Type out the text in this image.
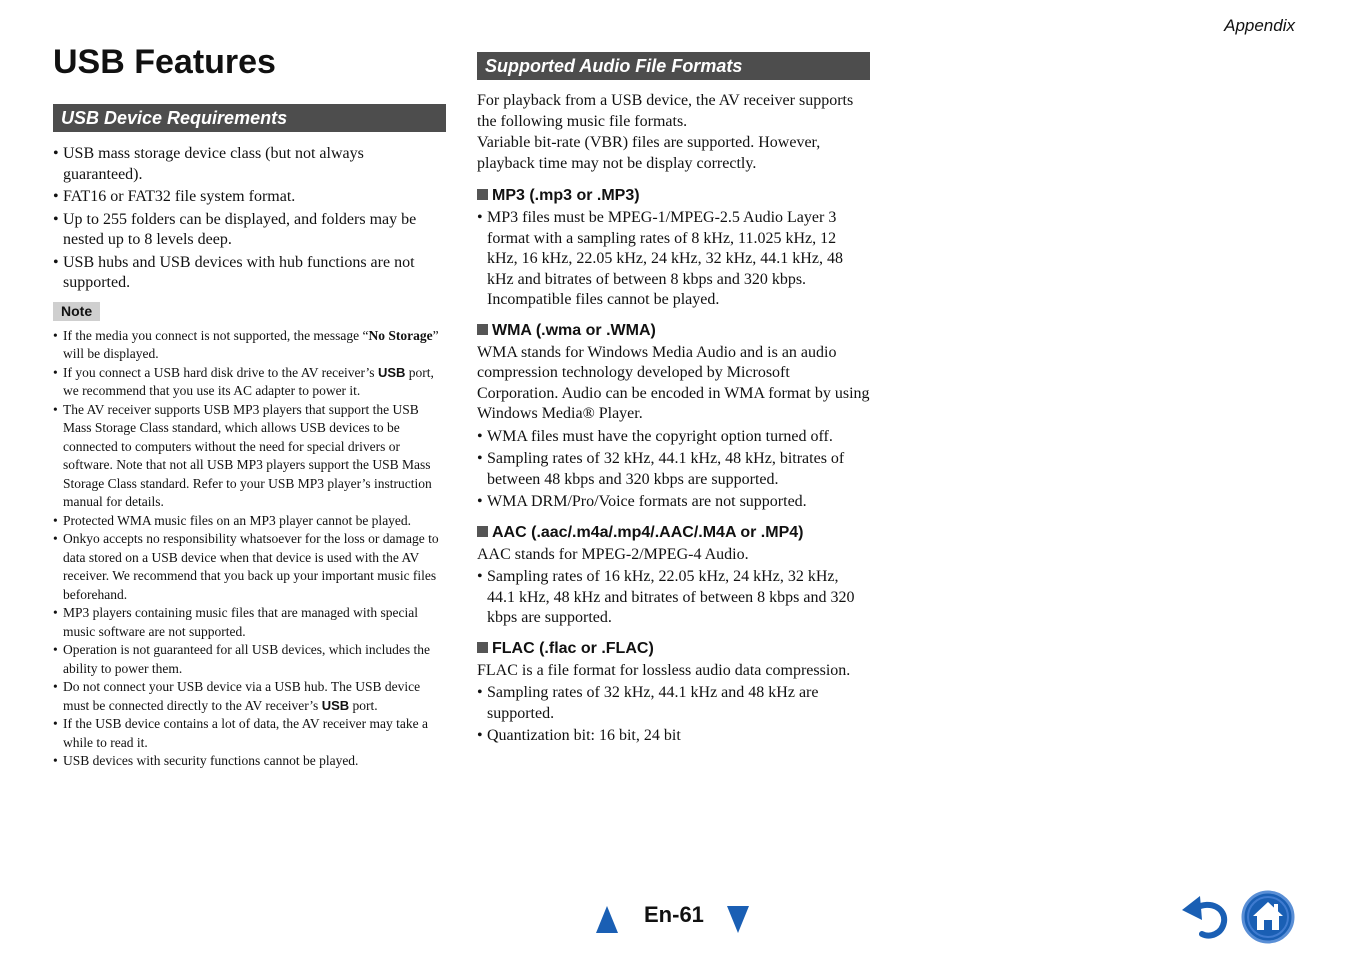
Appendix
USB Features
USB Device Requirements
• USB mass storage device class (but not always guaranteed).
• FAT16 or FAT32 file system format.
• Up to 255 folders can be displayed, and folders may be nested up to 8 levels deep.
• USB hubs and USB devices with hub functions are not supported.
Note
• If the media you connect is not supported, the message “No Storage” will be displayed.
• If you connect a USB hard disk drive to the AV receiver’s USB port, we recommend that you use its AC adapter to power it.
• The AV receiver supports USB MP3 players that support the USB Mass Storage Class standard, which allows USB devices to be connected to computers without the need for special drivers or software. Note that not all USB MP3 players support the USB Mass Storage Class standard. Refer to your USB MP3 player’s instruction manual for details.
• Protected WMA music files on an MP3 player cannot be played.
• Onkyo accepts no responsibility whatsoever for the loss or damage to data stored on a USB device when that device is used with the AV receiver. We recommend that you back up your important music files beforehand.
• MP3 players containing music files that are managed with special music software are not supported.
• Operation is not guaranteed for all USB devices, which includes the ability to power them.
• Do not connect your USB device via a USB hub. The USB device must be connected directly to the AV receiver’s USB port.
• If the USB device contains a lot of data, the AV receiver may take a while to read it.
• USB devices with security functions cannot be played.
Supported Audio File Formats

For playback from a USB device, the AV receiver supports the following music file formats.

Variable bit-rate (VBR) files are supported. However, playback time may not be display correctly.

MP3 (.mp3 or .MP3)
• MP3 files must be MPEG-1/MPEG-2.5 Audio Layer 3 format with a sampling rates of 8 kHz, 11.025 kHz, 12 kHz, 16 kHz, 22.05 kHz, 24 kHz, 32 kHz, 44.1 kHz, 48 kHz and bitrates of between 8 kbps and 320 kbps. Incompatible files cannot be played.
WMA (.wma or .WMA)

WMA stands for Windows Media Audio and is an audio compression technology developed by Microsoft Corporation. Audio can be encoded in WMA format by using Windows Media® Player.

• WMA files must have the copyright option turned off.
• Sampling rates of 32 kHz, 44.1 kHz, 48 kHz, bitrates of between 48 kbps and 320 kbps are supported.
• WMA DRM/Pro/Voice formats are not supported.
AAC (.aac/.m4a/.mp4/.AAC/.M4A or .MP4)

AAC stands for MPEG-2/MPEG-4 Audio.

• Sampling rates of 16 kHz, 22.05 kHz, 24 kHz, 32 kHz, 44.1 kHz, 48 kHz and bitrates of between 8 kbps and 320 kbps are supported.
FLAC (.flac or .FLAC)

FLAC is a file format for lossless audio data compression.

• Sampling rates of 32 kHz, 44.1 kHz and 48 kHz are supported.
• Quantization bit: 16 bit, 24 bit
En-61
